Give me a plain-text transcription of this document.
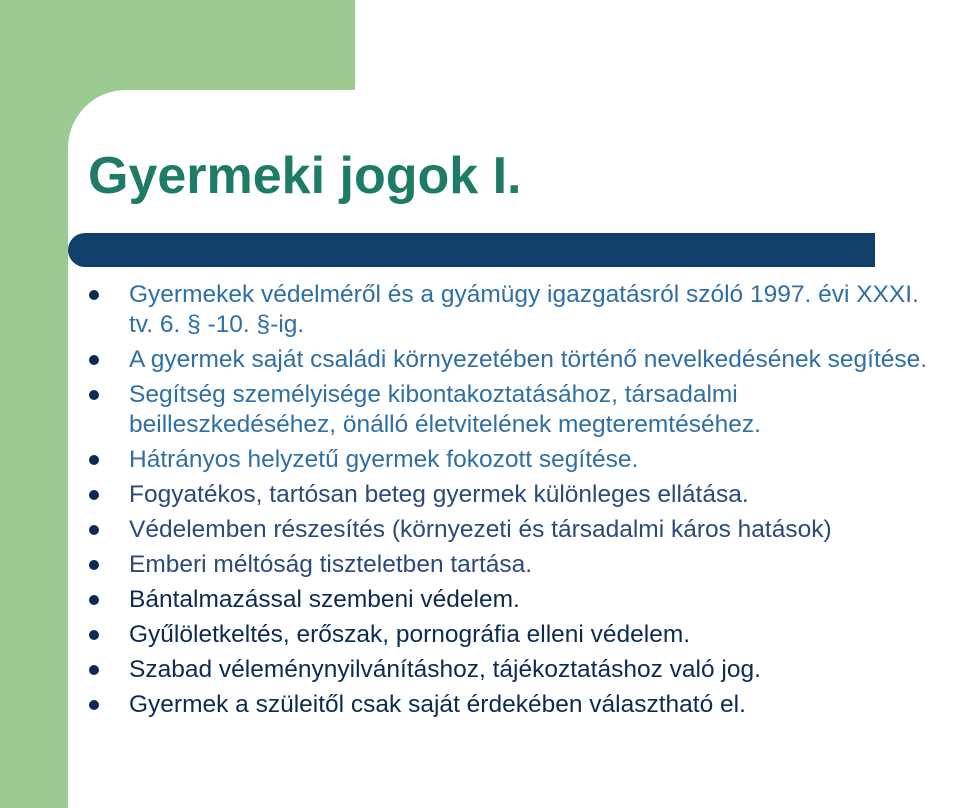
Gyermeki jogok I.
Gyermekek védelméről és a gyámügy igazgatásról szóló 1997. évi XXXI. tv. 6. § -10. §-ig.
A gyermek saját családi környezetében történő nevelkedésének segítése.
Segítség személyisége kibontakoztatásához, társadalmi beilleszkedéséhez, önálló életvitelének megteremtéséhez.
Hátrányos helyzetű gyermek fokozott segítése.
Fogyatékos, tartósan beteg gyermek különleges ellátása.
Védelemben részesítés (környezeti és társadalmi káros hatások)
Emberi méltóság tiszteletben tartása.
Bántalmazással szembeni védelem.
Gyűlöletkeltés, erőszak, pornográfia elleni védelem.
Szabad véleménynyilvánításhoz, tájékoztatáshoz való jog.
Gyermek a szüleitől csak saját érdekében választható el.
